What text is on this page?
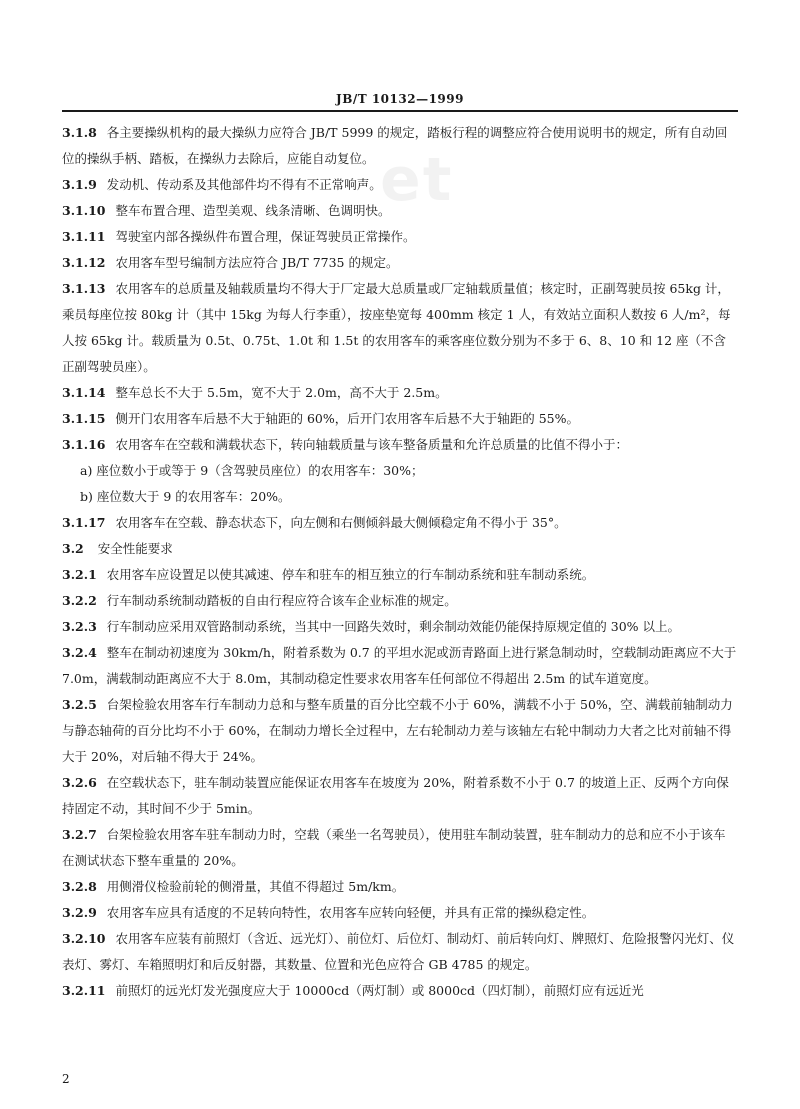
JB/T 10132—1999
et

3.1.8 各主要操纵机构的最大操纵力应符合 JB/T 5999 的规定，踏板行程的调整应符合使用说明书的规定，所有自动回位的操纵手柄、踏板，在操纵力去除后，应能自动复位。

3.1.9 发动机、传动系及其他部件均不得有不正常响声。

3.1.10 整车布置合理、造型美观、线条清晰、色调明快。

3.1.11 驾驶室内部各操纵件布置合理，保证驾驶员正常操作。

3.1.12 农用客车型号编制方法应符合 JB/T 7735 的规定。

3.1.13 农用客车的总质量及轴载质量均不得大于厂定最大总质量或厂定轴载质量值；核定时，正副驾驶员按 65kg 计，乘员每座位按 80kg 计（其中 15kg 为每人行李重），按座垫宽每 400mm 核定 1 人，有效站立面积人数按 6 人/m²，每人按 65kg 计。载质量为 0.5t、0.75t、1.0t 和 1.5t 的农用客车的乘客座位数分别为不多于 6、8、10 和 12 座（不含正副驾驶员座）。

3.1.14 整车总长不大于 5.5m，宽不大于 2.0m，高不大于 2.5m。

3.1.15 侧开门农用客车后悬不大于轴距的 60%，后开门农用客车后悬不大于轴距的 55%。

3.1.16 农用客车在空载和满载状态下，转向轴载质量与该车整备质量和允许总质量的比值不得小于：

a) 座位数小于或等于 9（含驾驶员座位）的农用客车：30%；

b) 座位数大于 9 的农用客车：20%。

3.1.17 农用客车在空载、静态状态下，向左侧和右侧倾斜最大侧倾稳定角不得小于 35°。

3.2 安全性能要求

3.2.1 农用客车应设置足以使其减速、停车和驻车的相互独立的行车制动系统和驻车制动系统。

3.2.2 行车制动系统制动踏板的自由行程应符合该车企业标准的规定。

3.2.3 行车制动应采用双管路制动系统，当其中一回路失效时，剩余制动效能仍能保持原规定值的 30% 以上。

3.2.4 整车在制动初速度为 30km/h，附着系数为 0.7 的平坦水泥或沥青路面上进行紧急制动时，空载制动距离应不大于 7.0m，满载制动距离应不大于 8.0m，其制动稳定性要求农用客车任何部位不得超出 2.5m 的试车道宽度。

3.2.5 台架检验农用客车行车制动力总和与整车质量的百分比空载不小于 60%，满载不小于 50%，空、满载前轴制动力与静态轴荷的百分比均不小于 60%，在制动力增长全过程中，左右轮制动力差与该轴左右轮中制动力大者之比对前轴不得大于 20%，对后轴不得大于 24%。

3.2.6 在空载状态下，驻车制动装置应能保证农用客车在坡度为 20%，附着系数不小于 0.7 的坡道上正、反两个方向保持固定不动，其时间不少于 5min。

3.2.7 台架检验农用客车驻车制动力时，空载（乘坐一名驾驶员），使用驻车制动装置，驻车制动力的总和应不小于该车在测试状态下整车重量的 20%。

3.2.8 用侧滑仪检验前轮的侧滑量，其值不得超过 5m/km。

3.2.9 农用客车应具有适度的不足转向特性，农用客车应转向轻便，并具有正常的操纵稳定性。

3.2.10 农用客车应装有前照灯（含近、远光灯）、前位灯、后位灯、制动灯、前后转向灯、牌照灯、危险报警闪光灯、仪表灯、雾灯、车箱照明灯和后反射器，其数量、位置和光色应符合 GB 4785 的规定。

3.2.11 前照灯的远光灯发光强度应大于 10000cd（两灯制）或 8000cd（四灯制），前照灯应有远近光

2
